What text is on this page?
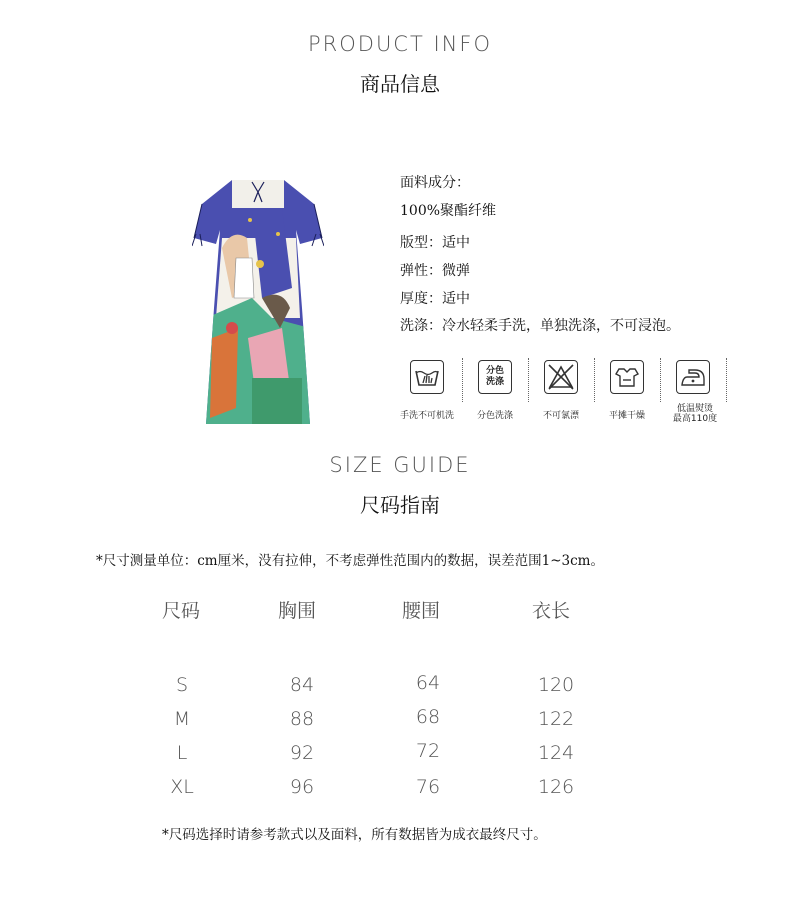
PRODUCT INFO
商品信息
面料成分：
100%聚酯纤维
版型：适中
弹性：微弹
厚度：适中
洗涤：冷水轻柔手洗，单独洗涤，不可浸泡。
手洗不可机洗
分色
洗涤
分色洗涤	不可氯漂	平摊干燥
低温熨烫
最高110度
SIZE GUIDE
尺码指南
*尺寸测量单位：cm厘米，没有拉伸，不考虑弹性范围内的数据，误差范围1~3cm。
尺码	胸围	腰围	衣长
S	84	64	120
M	88	68	122
L	92	72	124
XL	96	76	126
*尺码选择时请参考款式以及面料，所有数据皆为成衣最终尺寸。
